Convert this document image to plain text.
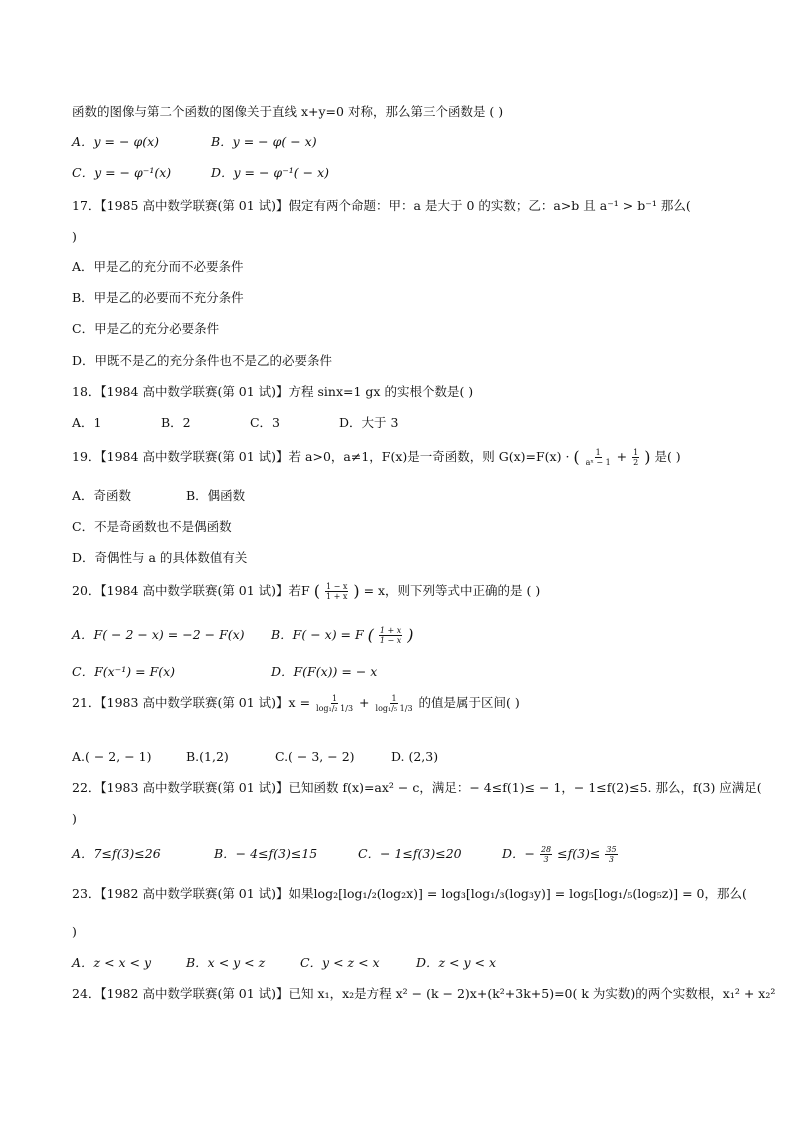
函数的图像与第二个函数的图像关于直线 x+y=0 对称，那么第三个函数是 ( )
A．y = − φ(x)	B．y = − φ( − x)
C．y = − φ⁻¹(x)	D．y = − φ⁻¹( − x)
17．【1985 高中数学联赛(第 01 试)】假定有两个命题：甲：a 是大于 0 的实数；乙：a>b 且 a⁻¹ > b⁻¹ 那么(
)
A．甲是乙的充分而不必要条件
B．甲是乙的必要而不充分条件
C．甲是乙的充分必要条件
D．甲既不是乙的充分条件也不是乙的必要条件
18．【1984 高中数学联赛(第 01 试)】方程 sinx=1 gx 的实根个数是( )
A．1	B．2	C．3	D．大于 3
19．【1984 高中数学联赛(第 01 试)】若 a>0，a≠1，F(x)是一奇函数，则 G(x)=F(x) · ( $\frac{1}{\text{aˣ − 1}} + \frac{1}{2}$ ) 是( )
A．奇函数	B．偶函数
C．不是奇函数也不是偶函数
D．奇偶性与 a 的具体数值有关
20．【1984 高中数学联赛(第 01 试)】若F ( $\frac{1 - x}{1 + x}$ ) = x，则下列等式中正确的是 ( )
A．F( − 2 − x) = −2 − F(x) B．F( − x) = F ( $\frac{1 + x}{1 - x}$ )
C．F(x⁻¹) = F(x)	D．F(F(x)) = − x
21．【1983 高中数学联赛(第 01 试)】$x = \frac{1}{\text{log₁/₂ 1/3}} + \frac{1}{\text{log₁/₅ 1/3}}$ 的值是属于区间( )
A.( − 2, − 1)	B.(1,2)	C.( − 3, − 2)	D. (2,3)
22．【1983 高中数学联赛(第 01 试)】已知函数 f(x)=ax² − c，满足：− 4≤f(1)≤ − 1，− 1≤f(2)≤5. 那么，f(3) 应满足(
)
A．7≤f(3)≤26	B．− 4≤f(3)≤15	C．− 1≤f(3)≤20	D．− $\frac{28}{3} \le f(3)\le \frac{35}{3}$
23．【1982 高中数学联赛(第 01 试)】如果log₂[log₁/₂(log₂x)] = log₃[log₁/₃(log₃y)] = log₅[log₁/₅(log₅z)] = 0，那么(
)
A．z < x < y	B．x < y < z	C．y < z < x	D．z < y < x
24．【1982 高中数学联赛(第 01 试)】已知 x₁，x₂是方程 x² − (k − 2)x+(k²+3k+5)=0( k 为实数)的两个实数根，x₁² + x₂²
